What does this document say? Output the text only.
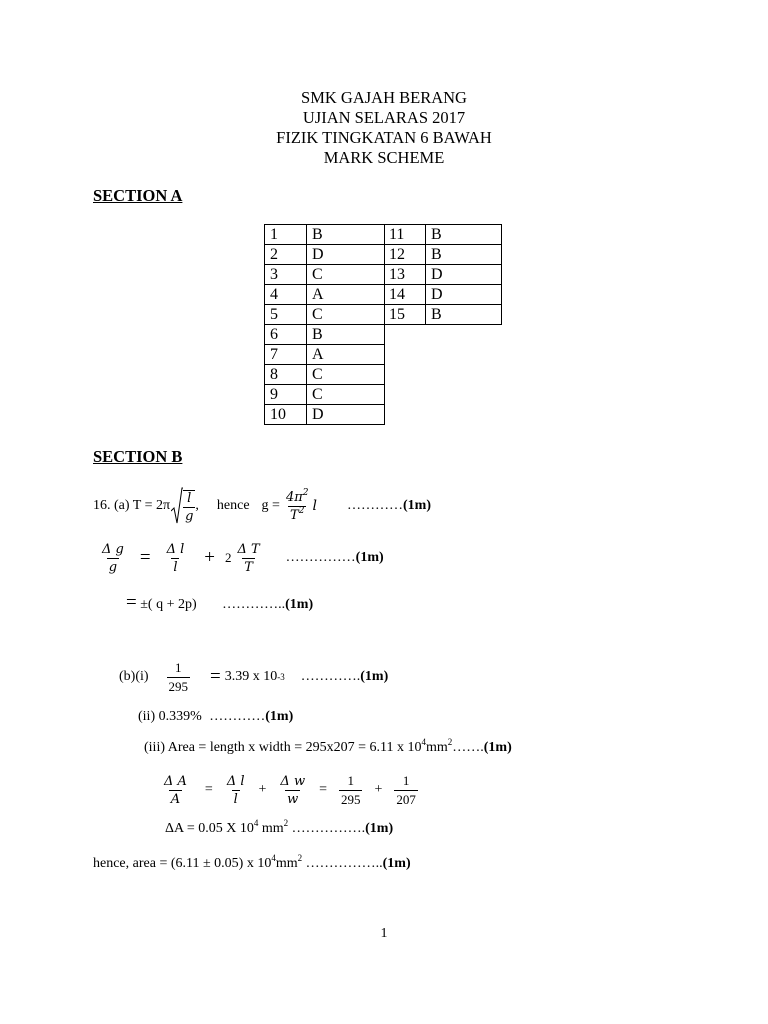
SMK GAJAH BERANG
UJIAN SELARAS 2017
FIZIK TINGKATAN 6 BAWAH
MARK SCHEME
SECTION A
1	B
2	D
3	C
4	A
5	C
6	B
7	A
8	C
9	C
10	D
11	B
12	B
13	D
14	D
15	B
SECTION B
16. (a) $T = 2\pi \frac{l}{g}$ , hence $g = \frac{4\pi^2}{T^2}$ l ………… (1m)
$\frac{\text{Δ g}}{g} = \frac{\text{Δ l}}{l} + 2 \frac{\text{Δ T}}{T}$ …………… (1m)
= ±( q + 2p) …………..(1m)
$(b)(i) \frac{1}{295} = 3.39$ x 10 -3 …………. (1m)
(ii) 0.339% …………(1m)
(iii) Area = length x width = 295x207 = 6.11 x $10^4mm^2\dots\dots.(1m)$
$\frac{\text{Δ A}}{A} = \frac{\text{Δ l}}{l} + \frac{\text{Δ w}}{w} = \frac{1}{295} + \frac{1}{207}$
ΔA = 0.05 X $10^4$ $mm^2$ …………….(1m)
hence, area = (6.11 ± 0.05) x $10^4mm^2$ ……………..(1m)
1
